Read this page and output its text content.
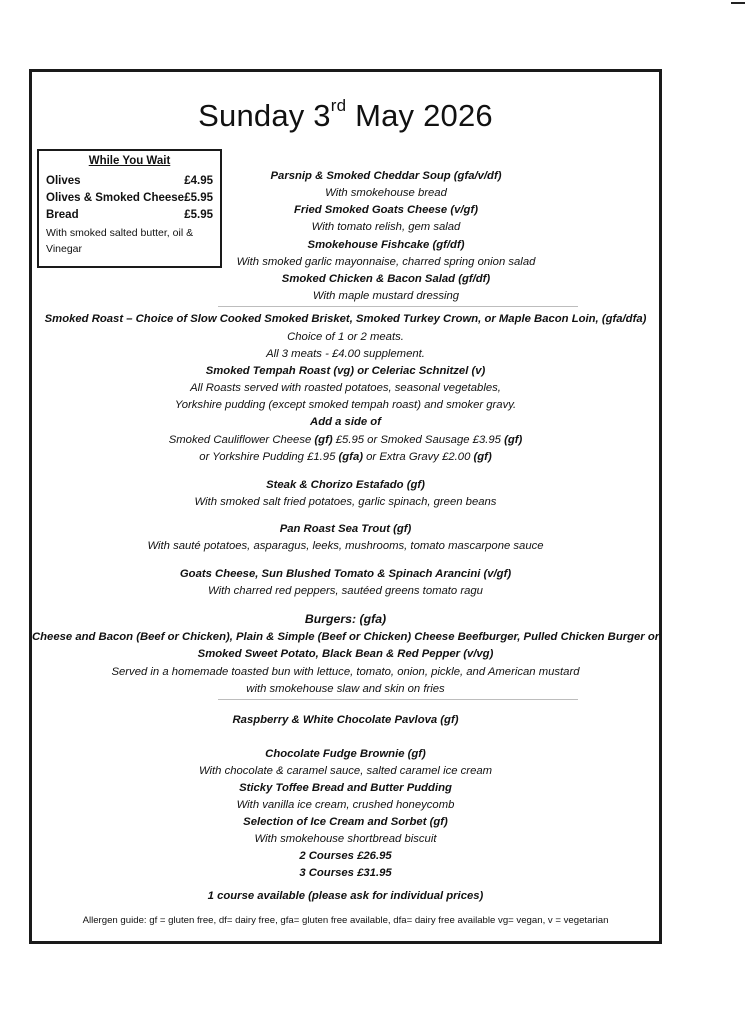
Sunday 3rd May 2026
While You Wait
Olives	£4.95
Olives & Smoked Cheese £5.95
Bread	£5.95
With smoked salted butter, oil & Vinegar
Parsnip & Smoked Cheddar Soup (gfa/v/df)
With smokehouse bread
Fried Smoked Goats Cheese (v/gf)
With tomato relish, gem salad
Smokehouse Fishcake (gf/df)
With smoked garlic mayonnaise, charred spring onion salad
Smoked Chicken & Bacon Salad (gf/df)
With maple mustard dressing
Smoked Roast – Choice of Slow Cooked Smoked Brisket, Smoked Turkey Crown, or Maple Bacon Loin, (gfa/dfa)
Choice of 1 or 2 meats.
All 3 meats - £4.00 supplement.
Smoked Tempah Roast (vg) or Celeriac Schnitzel (v)
All Roasts served with roasted potatoes, seasonal vegetables,
Yorkshire pudding (except smoked tempah roast) and smoker gravy.
Add a side of
Smoked Cauliflower Cheese (gf) £5.95 or Smoked Sausage £3.95 (gf)
or Yorkshire Pudding £1.95 (gfa) or Extra Gravy £2.00 (gf)
Steak & Chorizo Estafado (gf)
With smoked salt fried potatoes, garlic spinach, green beans
Pan Roast Sea Trout (gf)
With sauté potatoes, asparagus, leeks, mushrooms, tomato mascarpone sauce
Goats Cheese, Sun Blushed Tomato & Spinach Arancini (v/gf)
With charred red peppers, sautéed greens tomato ragu
Burgers: (gfa)
Cheese and Bacon (Beef or Chicken), Plain & Simple (Beef or Chicken) Cheese Beefburger, Pulled Chicken Burger or
Smoked Sweet Potato, Black Bean & Red Pepper (v/vg)
Served in a homemade toasted bun with lettuce, tomato, onion, pickle, and American mustard
with smokehouse slaw and skin on fries
Raspberry & White Chocolate Pavlova (gf)
Chocolate Fudge Brownie (gf)
With chocolate & caramel sauce, salted caramel ice cream
Sticky Toffee Bread and Butter Pudding
With vanilla ice cream, crushed honeycomb
Selection of Ice Cream and Sorbet (gf)
With smokehouse shortbread biscuit
2 Courses £26.95
3 Courses £31.95
1 course available (please ask for individual prices)
Allergen guide: gf = gluten free, df= dairy free, gfa= gluten free available, dfa= dairy free available vg= vegan, v = vegetarian
